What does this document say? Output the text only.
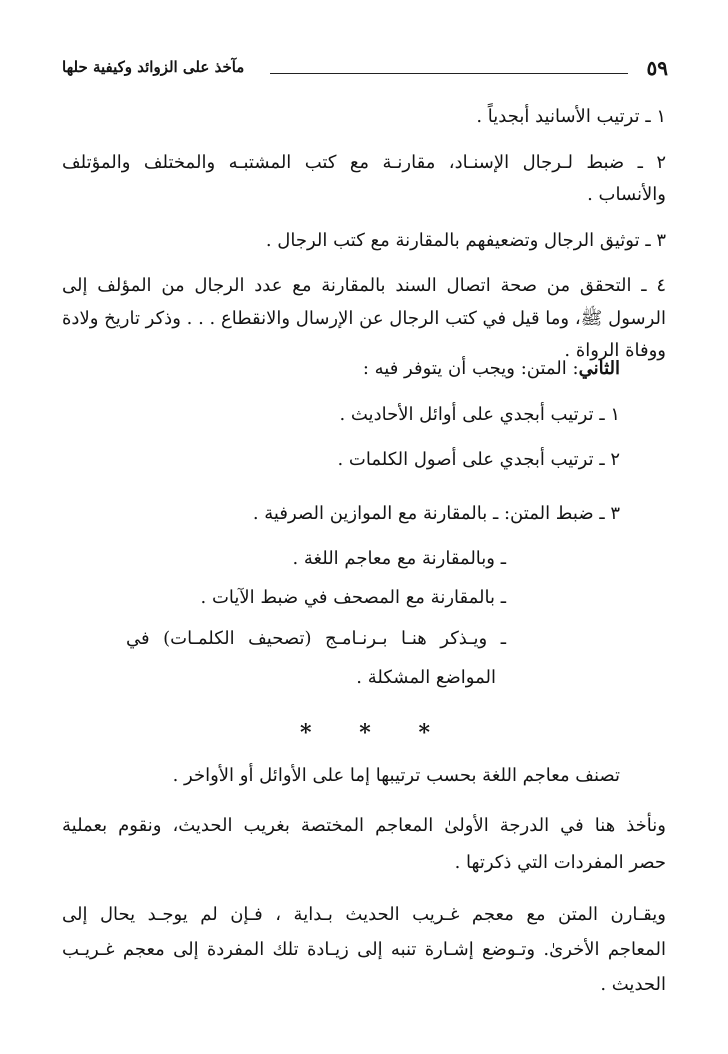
٥٩
مآخذ على الزوائد وكيفية حلها
١ ـ ترتيب الأسانيد أبجدياً .
٢ ـ ضبط لـرجال الإسنـاد، مقارنـة مع كتب المشتبـه والمختلف والمؤتلف
والأنساب .
٣ ـ توثيق الرجال وتضعيفهم بالمقارنة مع كتب الرجال .
٤ ـ التحقق من صحة اتصال السند بالمقارنة مع عدد الرجال من المؤلف إلى
الرسول ﷺ، وما قيل في كتب الرجال عن الإرسال والانقطاع . . . وذكر تاريخ ولادة
ووفاة الرواة .
الثاني: المتن: ويجب أن يتوفر فيه :
١ ـ ترتيب أبجدي على أوائل الأحاديث .
٢ ـ ترتيب أبجدي على أصول الكلمات .
٣ ـ ضبط المتن: ـ بالمقارنة مع الموازين الصرفية .
ـ وبالمقارنة مع معاجم اللغة .
ـ بالمقارنة مع المصحف في ضبط الآيات .
ـ ويـذكر هنـا بـرنـامـج (تصحيف الكلمـات) في
المواضع المشكلة .
*
*
*
تصنف معاجم اللغة بحسب ترتيبها إما على الأوائل أو الأواخر .
ونأخذ هنا في الدرجة الأولىٰ المعاجم المختصة بغريب الحديث، ونقوم بعملية
حصر المفردات التي ذكرتها .
ويقـارن المتن مع معجم غـريب الحديث بـداية ، فـإن لم يوجـد يحال إلى
المعاجم الأخرىٰ. وتـوضع إشـارة تنبه إلى زيـادة تلك المفردة إلى معجم غـريـب
الحديث .
